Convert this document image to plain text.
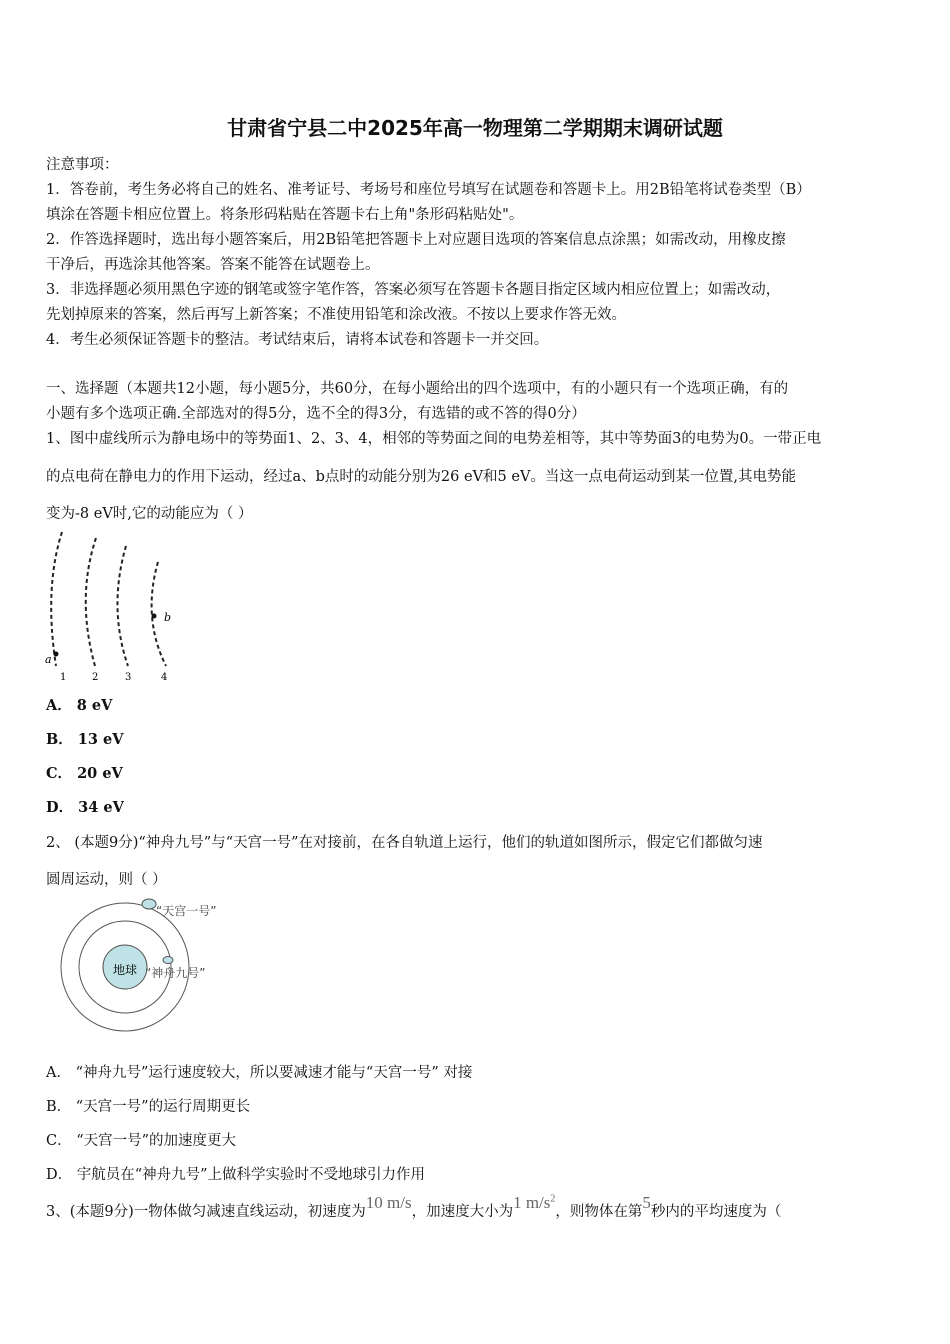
甘肃省宁县二中2025年高一物理第二学期期末调研试题
注意事项：
1．答卷前，考生务必将自己的姓名、准考证号、考场号和座位号填写在试题卷和答题卡上。用2B铅笔将试卷类型（B）
填涂在答题卡相应位置上。将条形码粘贴在答题卡右上角"条形码粘贴处"。
2．作答选择题时，选出每小题答案后，用2B铅笔把答题卡上对应题目选项的答案信息点涂黑；如需改动，用橡皮擦
干净后，再选涂其他答案。答案不能答在试题卷上。
3．非选择题必须用黑色字迹的钢笔或签字笔作答，答案必须写在答题卡各题目指定区域内相应位置上；如需改动，
先划掉原来的答案，然后再写上新答案；不准使用铅笔和涂改液。不按以上要求作答无效。
4．考生必须保证答题卡的整洁。考试结束后，请将本试卷和答题卡一并交回。
一、选择题（本题共12小题，每小题5分，共60分，在每小题给出的四个选项中，有的小题只有一个选项正确，有的
小题有多个选项正确.全部选对的得5分，选不全的得3分，有选错的或不答的得0分）
1、图中虚线所示为静电场中的等势面1、2、3、4，相邻的等势面之间的电势差相等，其中等势面3的电势为0。一带正电
的点电荷在静电力的作用下运动，经过a、b点时的动能分别为26 eV和5 eV。当这一点电荷运动到某一位置,其电势能
变为-8 eV时,它的动能应为（ ）
a
b
1	2	3	4
A． 8 eV
B． 13 eV
C． 20 eV
D． 34 eV
2、 (本题9分)“神舟九号”与“天宫一号”在对接前，在各自轨道上运行，他们的轨道如图所示，假定它们都做匀速
圆周运动，则（ ）
地球
“天宫一号”
“神舟九号”
A． “神舟九号”运行速度较大，所以要减速才能与“天宫一号” 对接
B． “天宫一号”的运行周期更长
C． “天宫一号”的加速度更大
D． 宇航员在“神舟九号”上做科学实验时不受地球引力作用
3、(本题9分)一物体做匀减速直线运动，初速度为10 m/s，加速度大小为1 $m/s^2$，则物体在第5秒内的平均速度为（
